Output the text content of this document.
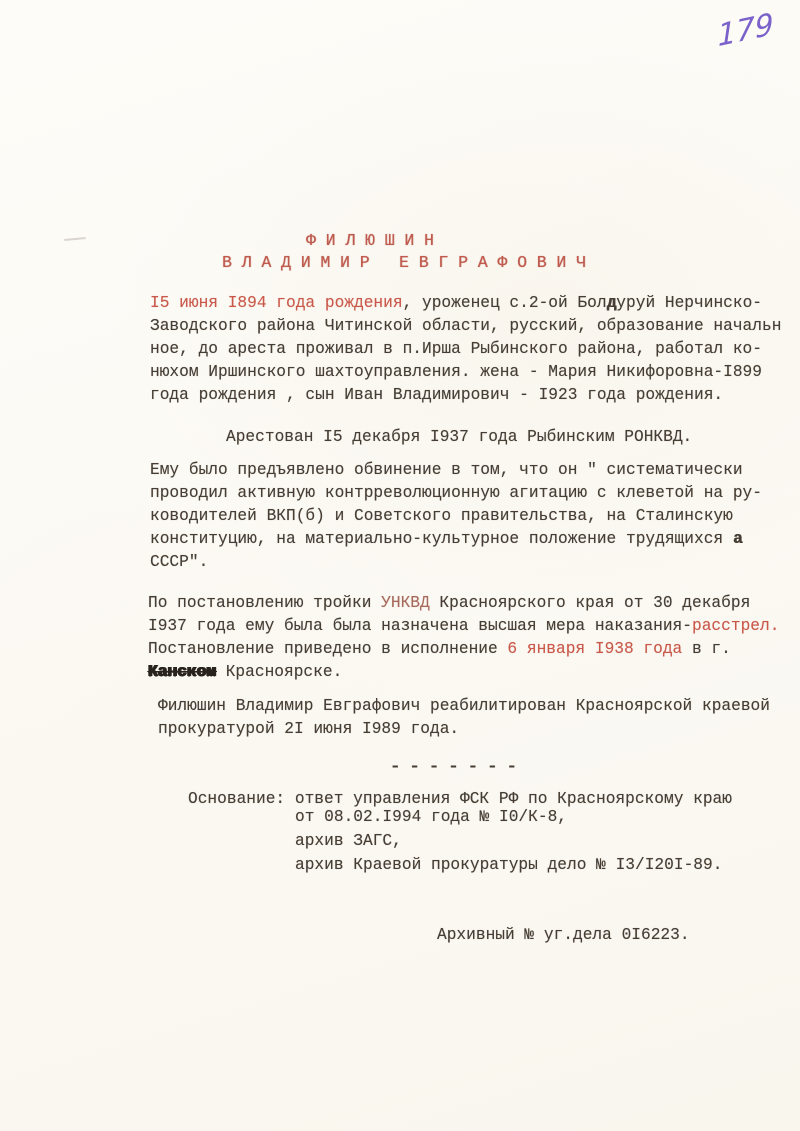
179
Ф И Л Ю Ш И Н
В Л А Д И М И Р   Е В Г Р А Ф О В И Ч
I5 июня I894 года рождения, уроженец с.2-ой Болдуруй Нерчинско-
Заводского района Читинской области, русский, образование начальн
ное, до ареста проживал в п.Ирша Рыбинского района, работал ко-
нюхом Иршинского шахтоуправления. жена - Мария Никифоровна-I899
года рождения , сын Иван Владимирович - I923 года рождения.
Арестован I5 декабря I937 года Рыбинским РОНКВД.
Ему было предъявлено обвинение в том, что он " систематически
проводил активную контрреволюционную агитацию с клеветой на ру-
ководителей ВКП(б) и Советского правительства, на Сталинскую
конституцию, на материально-культурное положение трудящихся а
СССР".
По постановлению тройки УНКВД Красноярского края от 30 декабря
I937 года ему была была назначена высшая мера наказания-расстрел.
Постановление приведено в исполнение 6 января I938 года в г.
Канском Красноярске.
Филюшин Владимир Евграфович реабилитирован Красноярской краевой
прокуратурой 2I июня I989 года.
- - - - - - -
Основание: ответ управления ФСК РФ по Красноярскому краю
от 08.02.I994 года № I0/К-8,
архив ЗАГС,
архив Краевой прокуратуры дело № I3/I20I-89.
Архивный № уг.дела 0I6223.
